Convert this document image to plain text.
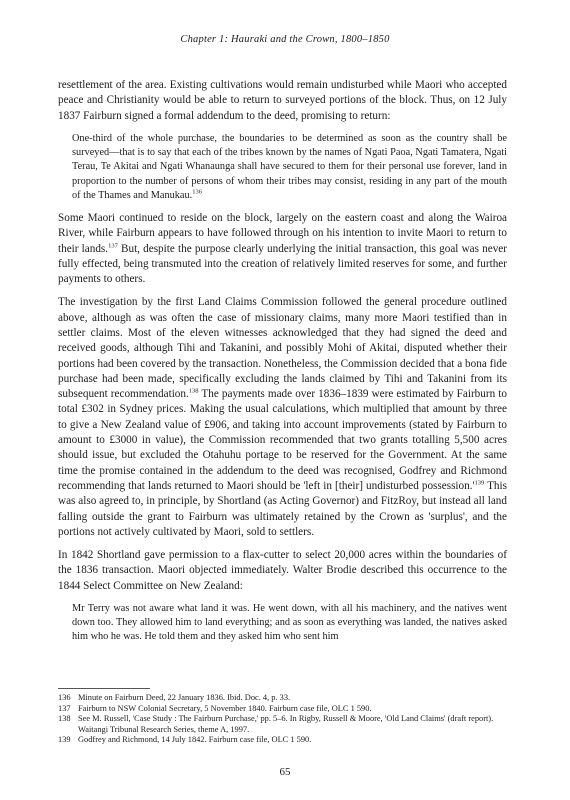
Chapter 1: Hauraki and the Crown, 1800–1850

resettlement of the area. Existing cultivations would remain undisturbed while Maori who accepted peace and Christianity would be able to return to surveyed portions of the block. Thus, on 12 July 1837 Fairburn signed a formal addendum to the deed, promising to return:

One-third of the whole purchase, the boundaries to be determined as soon as the country shall be surveyed—that is to say that each of the tribes known by the names of Ngati Paoa, Ngati Tamatera, Ngati Terau, Te Akitai and Ngati Whanaunga shall have secured to them for their personal use forever, land in proportion to the number of persons of whom their tribes may consist, residing in any part of the mouth of the Thames and Manukau.$^{136}$

Some Maori continued to reside on the block, largely on the eastern coast and along the Wairoa River, while Fairburn appears to have followed through on his intention to invite Maori to return to their lands.$^{137}$ But, despite the purpose clearly underlying the initial transaction, this goal was never fully effected, being transmuted into the creation of relatively limited reserves for some, and further payments to others.

The investigation by the first Land Claims Commission followed the general procedure outlined above, although as was often the case of missionary claims, many more Maori testified than in settler claims. Most of the eleven witnesses acknowledged that they had signed the deed and received goods, although Tihi and Takanini, and possibly Mohi of Akitai, disputed whether their portions had been covered by the transaction. Nonetheless, the Commission decided that a bona fide purchase had been made, specifically excluding the lands claimed by Tihi and Takanini from its subsequent recommendation.$^{138}$ The payments made over 1836–1839 were estimated by Fairburn to total £302 in Sydney prices. Making the usual calculations, which multiplied that amount by three to give a New Zealand value of £906, and taking into account improvements (stated by Fairburn to amount to £3000 in value), the Commission recommended that two grants totalling 5,500 acres should issue, but excluded the Otahuhu portage to be reserved for the Government. At the same time the promise contained in the addendum to the deed was recognised, Godfrey and Richmond recommending that lands returned to Maori should be 'left in [their] undisturbed $possession.'^{139}$ This was also agreed to, in principle, by Shortland (as Acting Governor) and FitzRoy, but instead all land falling outside the grant to Fairburn was ultimately retained by the Crown as 'surplus', and the portions not actively cultivated by Maori, sold to settlers.

In 1842 Shortland gave permission to a flax-cutter to select 20,000 acres within the boundaries of the 1836 transaction. Maori objected immediately. Walter Brodie described this occurrence to the 1844 Select Committee on New Zealand:

Mr Terry was not aware what land it was. He went down, with all his machinery, and the natives went down too. They allowed him to land everything; and as soon as everything was landed, the natives asked him who he was. He told them and they asked him who sent him
136 Minute on Fairburn Deed, 22 January 1836. Ibid. Doc. 4, p. 33.
137 Fairburn to NSW Colonial Secretary, 5 November 1840. Fairburn case file, OLC 1 590.
138 See M. Russell, 'Case Study : The Fairburn Purchase,' pp. 5–6. In Rigby, Russell & Moore, 'Old Land Claims' (draft report). Waitangi Tribunal Research Series, theme A, 1997.
139 Godfrey and Richmond, 14 July 1842. Fairburn case file, OLC 1 590.
65
